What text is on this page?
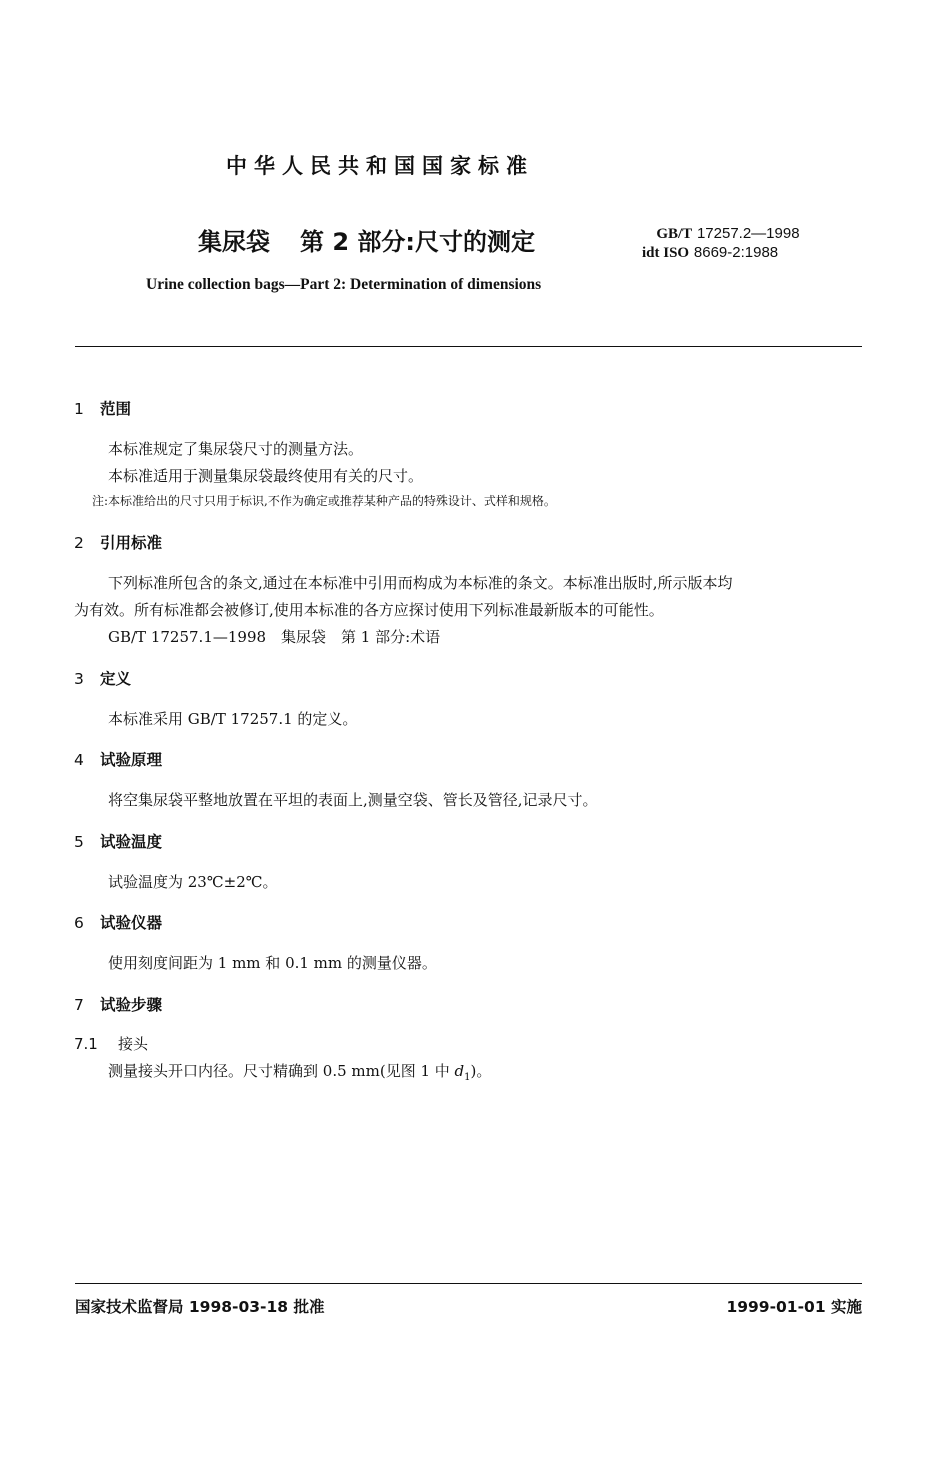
中华人民共和国国家标准
集尿袋 第 2 部分:尺寸的测定	GB/T 17257.2—1998
idt ISO 8669-2:1988
Urine collection bags—Part 2: Determination of dimensions
1 范围
本标准规定了集尿袋尺寸的测量方法。
本标准适用于测量集尿袋最终使用有关的尺寸。
注:本标准给出的尺寸只用于标识,不作为确定或推荐某种产品的特殊设计、式样和规格。
2 引用标准
下列标准所包含的条文,通过在本标准中引用而构成为本标准的条文。本标准出版时,所示版本均
为有效。所有标准都会被修订,使用本标准的各方应探讨使用下列标准最新版本的可能性。
GB/T 17257.1—1998　集尿袋　第 1 部分:术语
3 定义
本标准采用 GB/T 17257.1 的定义。
4 试验原理
将空集尿袋平整地放置在平坦的表面上,测量空袋、管长及管径,记录尺寸。
5 试验温度
试验温度为 23℃±2℃。
6 试验仪器
使用刻度间距为 1 mm 和 0.1 mm 的测量仪器。
7 试验步骤
7.1 接头
测量接头开口内径。尺寸精确到 0.5 mm(见图 1 中 $d_1$)。
国家技术监督局 1998-03-18 批准	1999-01-01 实施
